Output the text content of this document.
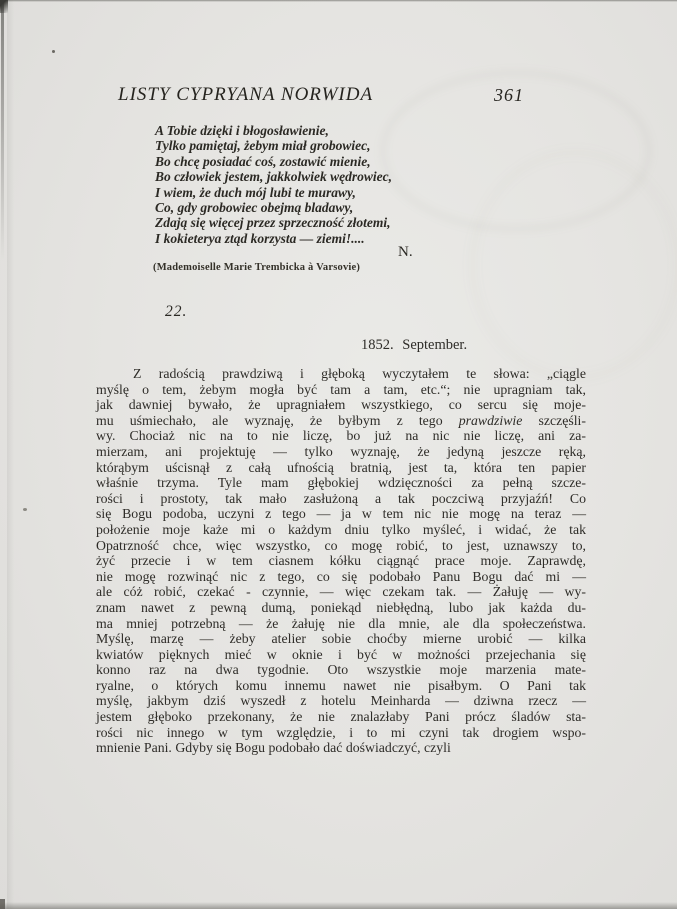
LISTY CYPRYANA NORWIDA	361
A Tobie dzięki i błogosławienie,
Tylko pamiętaj, żebym miał grobowiec,
Bo chcę posiadać coś, zostawić mienie,
Bo człowiek jestem, jakkolwiek wędrowiec,
I wiem, że duch mój lubi te murawy,
Co, gdy grobowiec obejmą bladawy,
Zdają się więcej przez sprzeczność złotemi,
I kokieterya ztąd korzysta — ziemi!....
N.
(Mademoiselle Marie Trembicka à Varsovie)
22.
1852. September.
Z radością prawdziwą i głęboką wyczytałem te słowa: „ciągle
myślę o tem, żebym mogła być tam a tam, etc.“; nie upragniam tak,
jak dawniej bywało, że upragniałem wszystkiego, co sercu się moje-
mu uśmiechało, ale wyznaję, że byłbym z tego prawdziwie szczęśli-
wy. Chociaż nic na to nie liczę, bo już na nic nie liczę, ani za-
mierzam, ani projektuję — tylko wyznaję, że jedyną jeszcze ręką,
którąbym uścisnął z całą ufnością bratnią, jest ta, która ten papier
właśnie trzyma. Tyle mam głębokiej wdzięczności za pełną szcze-
rości i prostoty, tak mało zasłużoną a tak poczciwą przyjaźń! Co
się Bogu podoba, uczyni z tego — ja w tem nic nie mogę na teraz —
położenie moje każe mi o każdym dniu tylko myśleć, i widać, że tak
Opatrzność chce, więc wszystko, co mogę robić, to jest, uznawszy to,
żyć przecie i w tem ciasnem kółku ciągnąć prace moje. Zaprawdę,
nie mogę rozwinąć nic z tego, co się podobało Panu Bogu dać mi —
ale cóż robić, czekać - czynnie, — więc czekam tak. — Żałuję — wy-
znam nawet z pewną dumą, poniekąd niebłędną, lubo jak każda du-
ma mniej potrzebną — że żałuję nie dla mnie, ale dla społeczeństwa.
Myślę, marzę — żeby atelier sobie choćby mierne urobić — kilka
kwiatów pięknych mieć w oknie i być w możności przejechania się
konno raz na dwa tygodnie. Oto wszystkie moje marzenia mate-
ryalne, o których komu innemu nawet nie pisałbym. O Pani tak
myślę, jakbym dziś wyszedł z hotelu Meinharda — dziwna rzecz —
jestem głęboko przekonany, że nie znalazłaby Pani prócz śladów sta-
rości nic innego w tym względzie, i to mi czyni tak drogiem wspo-
mnienie Pani. Gdyby się Bogu podobało dać doświadczyć, czyli
